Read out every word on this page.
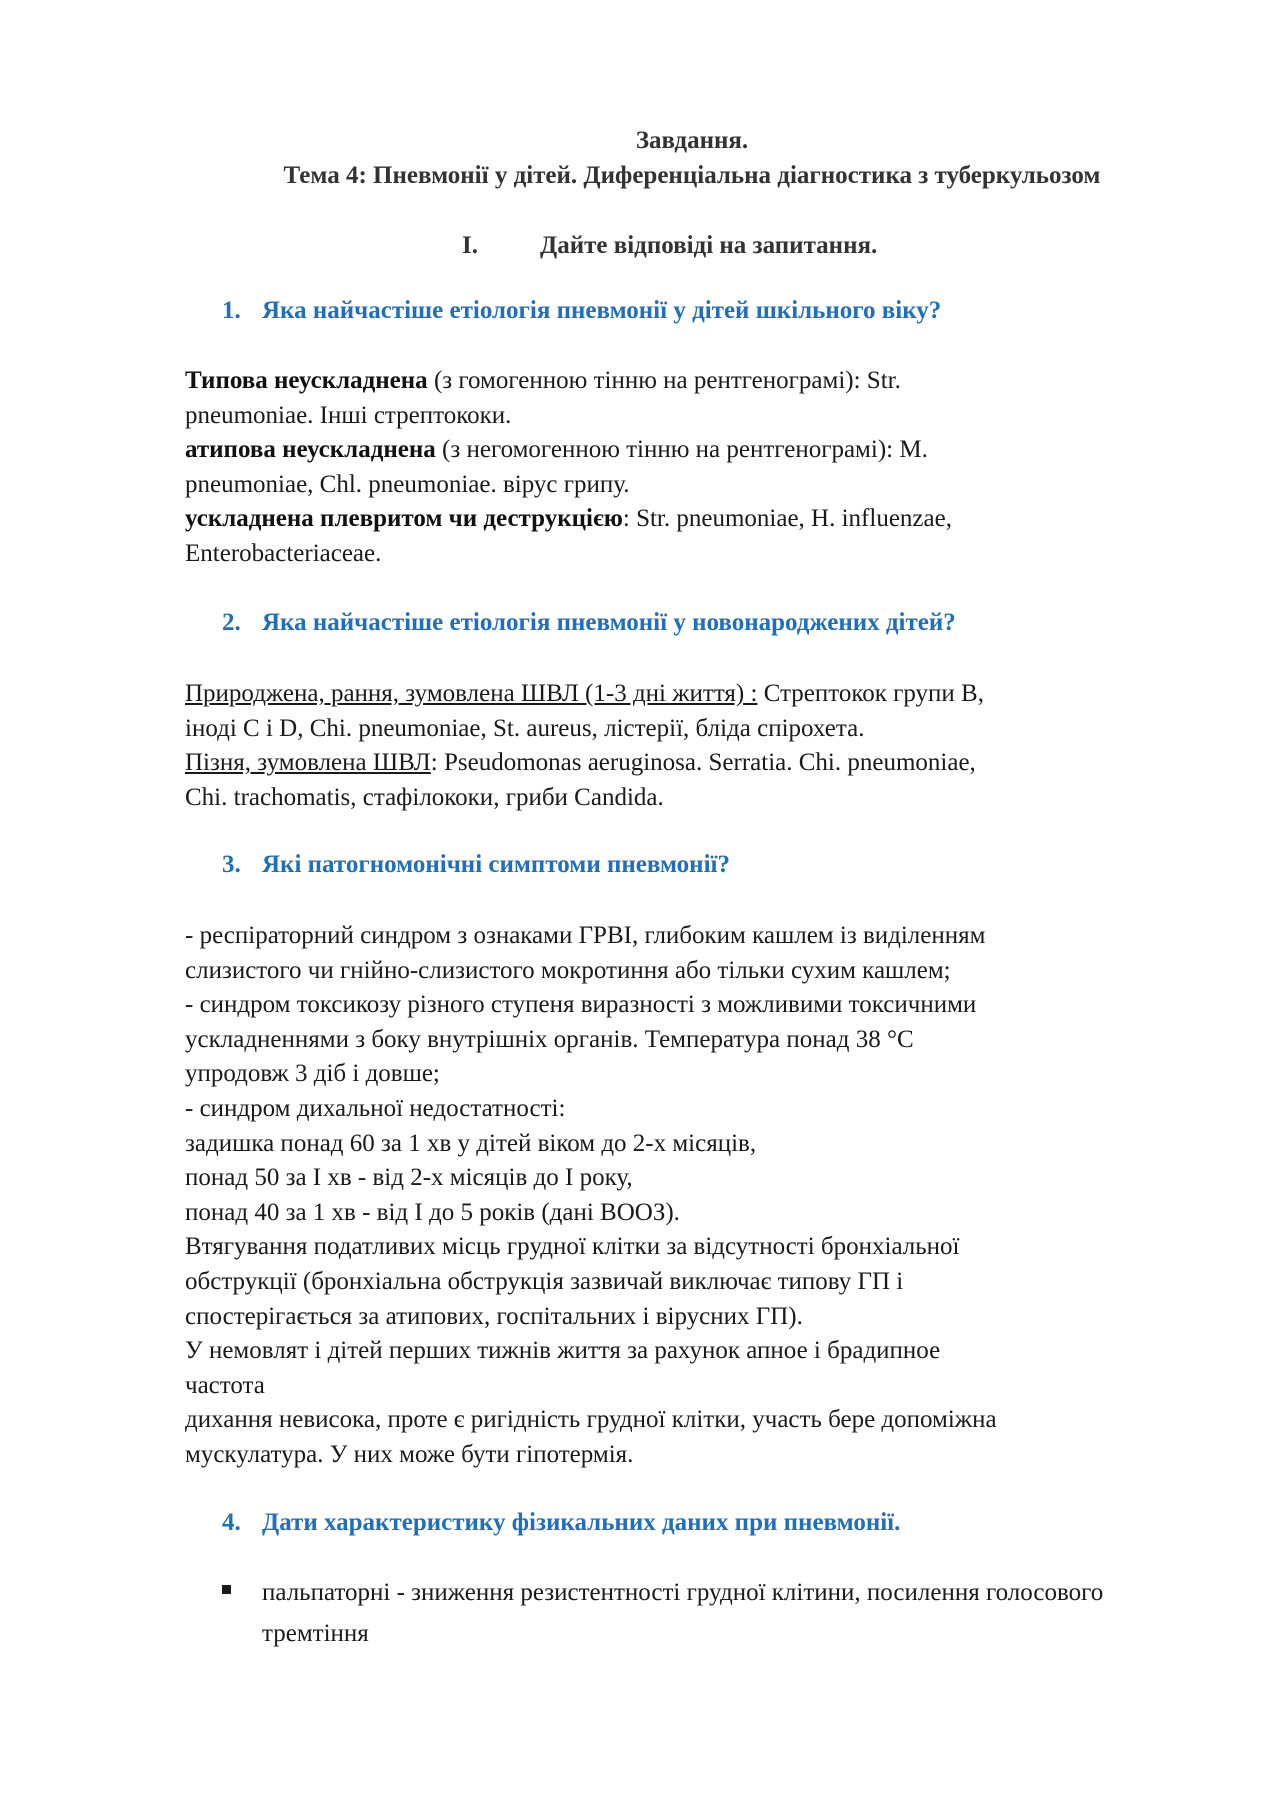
Завдання.
Тема 4: Пневмонії у дітей. Диференціальна діагностика з туберкульозом
I. Дайте відповіді на запитання.
1. Яка найчастіше етіологія пневмонії у дітей шкільного віку?
Типова неускладнена (з гомогенною тінню на рентгенограмі): Str.
pneumoniae. Інші стрептококи.
атипова неускладнена (з негомогенною тінню на рентгенограмі): M.
pneumoniae, Chl. pneumoniae. вірус грипу.
ускладнена плевритом чи деструкцією: Str. pneumoniae, H. influenzae,
Enterobacteriaceae.
2. Яка найчастіше етіологія пневмонії у новонароджених дітей?
Природжена, рання, зумовлена ШВЛ (1-3 дні життя) : Стрептокок групи В,
іноді С і D, Chi. pneumoniae, St. aureus, лістерії, бліда спірохета.
Пізня, зумовлена ШВЛ: Pseudomonas aeruginosa. Serratia. Chi. pneumoniae,
Chi. trachomatis, стафілококи, гриби Candida.
3. Які патогномонічні симптоми пневмонії?
- респіраторний синдром з ознаками ГРВІ, глибоким кашлем із виділенням
слизистого чи гнійно-слизистого мокротиння або тільки сухим кашлем;
- синдром токсикозу різного ступеня виразності з можливими токсичними
ускладненнями з боку внутрішніх органів. Температура понад 38 °С
упродовж 3 діб і довше;
- синдром дихальної недостатності:
задишка понад 60 за 1 хв у дітей віком до 2-х місяців,
понад 50 за І хв - від 2-х місяців до І року,
понад 40 за 1 хв - від І до 5 років (дані ВООЗ).
Втягування податливих місць грудної клітки за відсутності бронхіальної
обструкції (бронхіальна обструкція зазвичай виключає типову ГП і
спостерігається за атипових, госпітальних і вірусних ГП).
У немовлят і дітей перших тижнів життя за рахунок апное і брадипное
частота
дихання невисока, проте є ригідність грудної клітки, участь бере допоміжна
мускулатура. У них може бути гіпотермія.
4. Дати характеристику фізикальних даних при пневмонії.
пальпаторні - зниження резистентності грудної клітини, посилення голосового тремтіння
